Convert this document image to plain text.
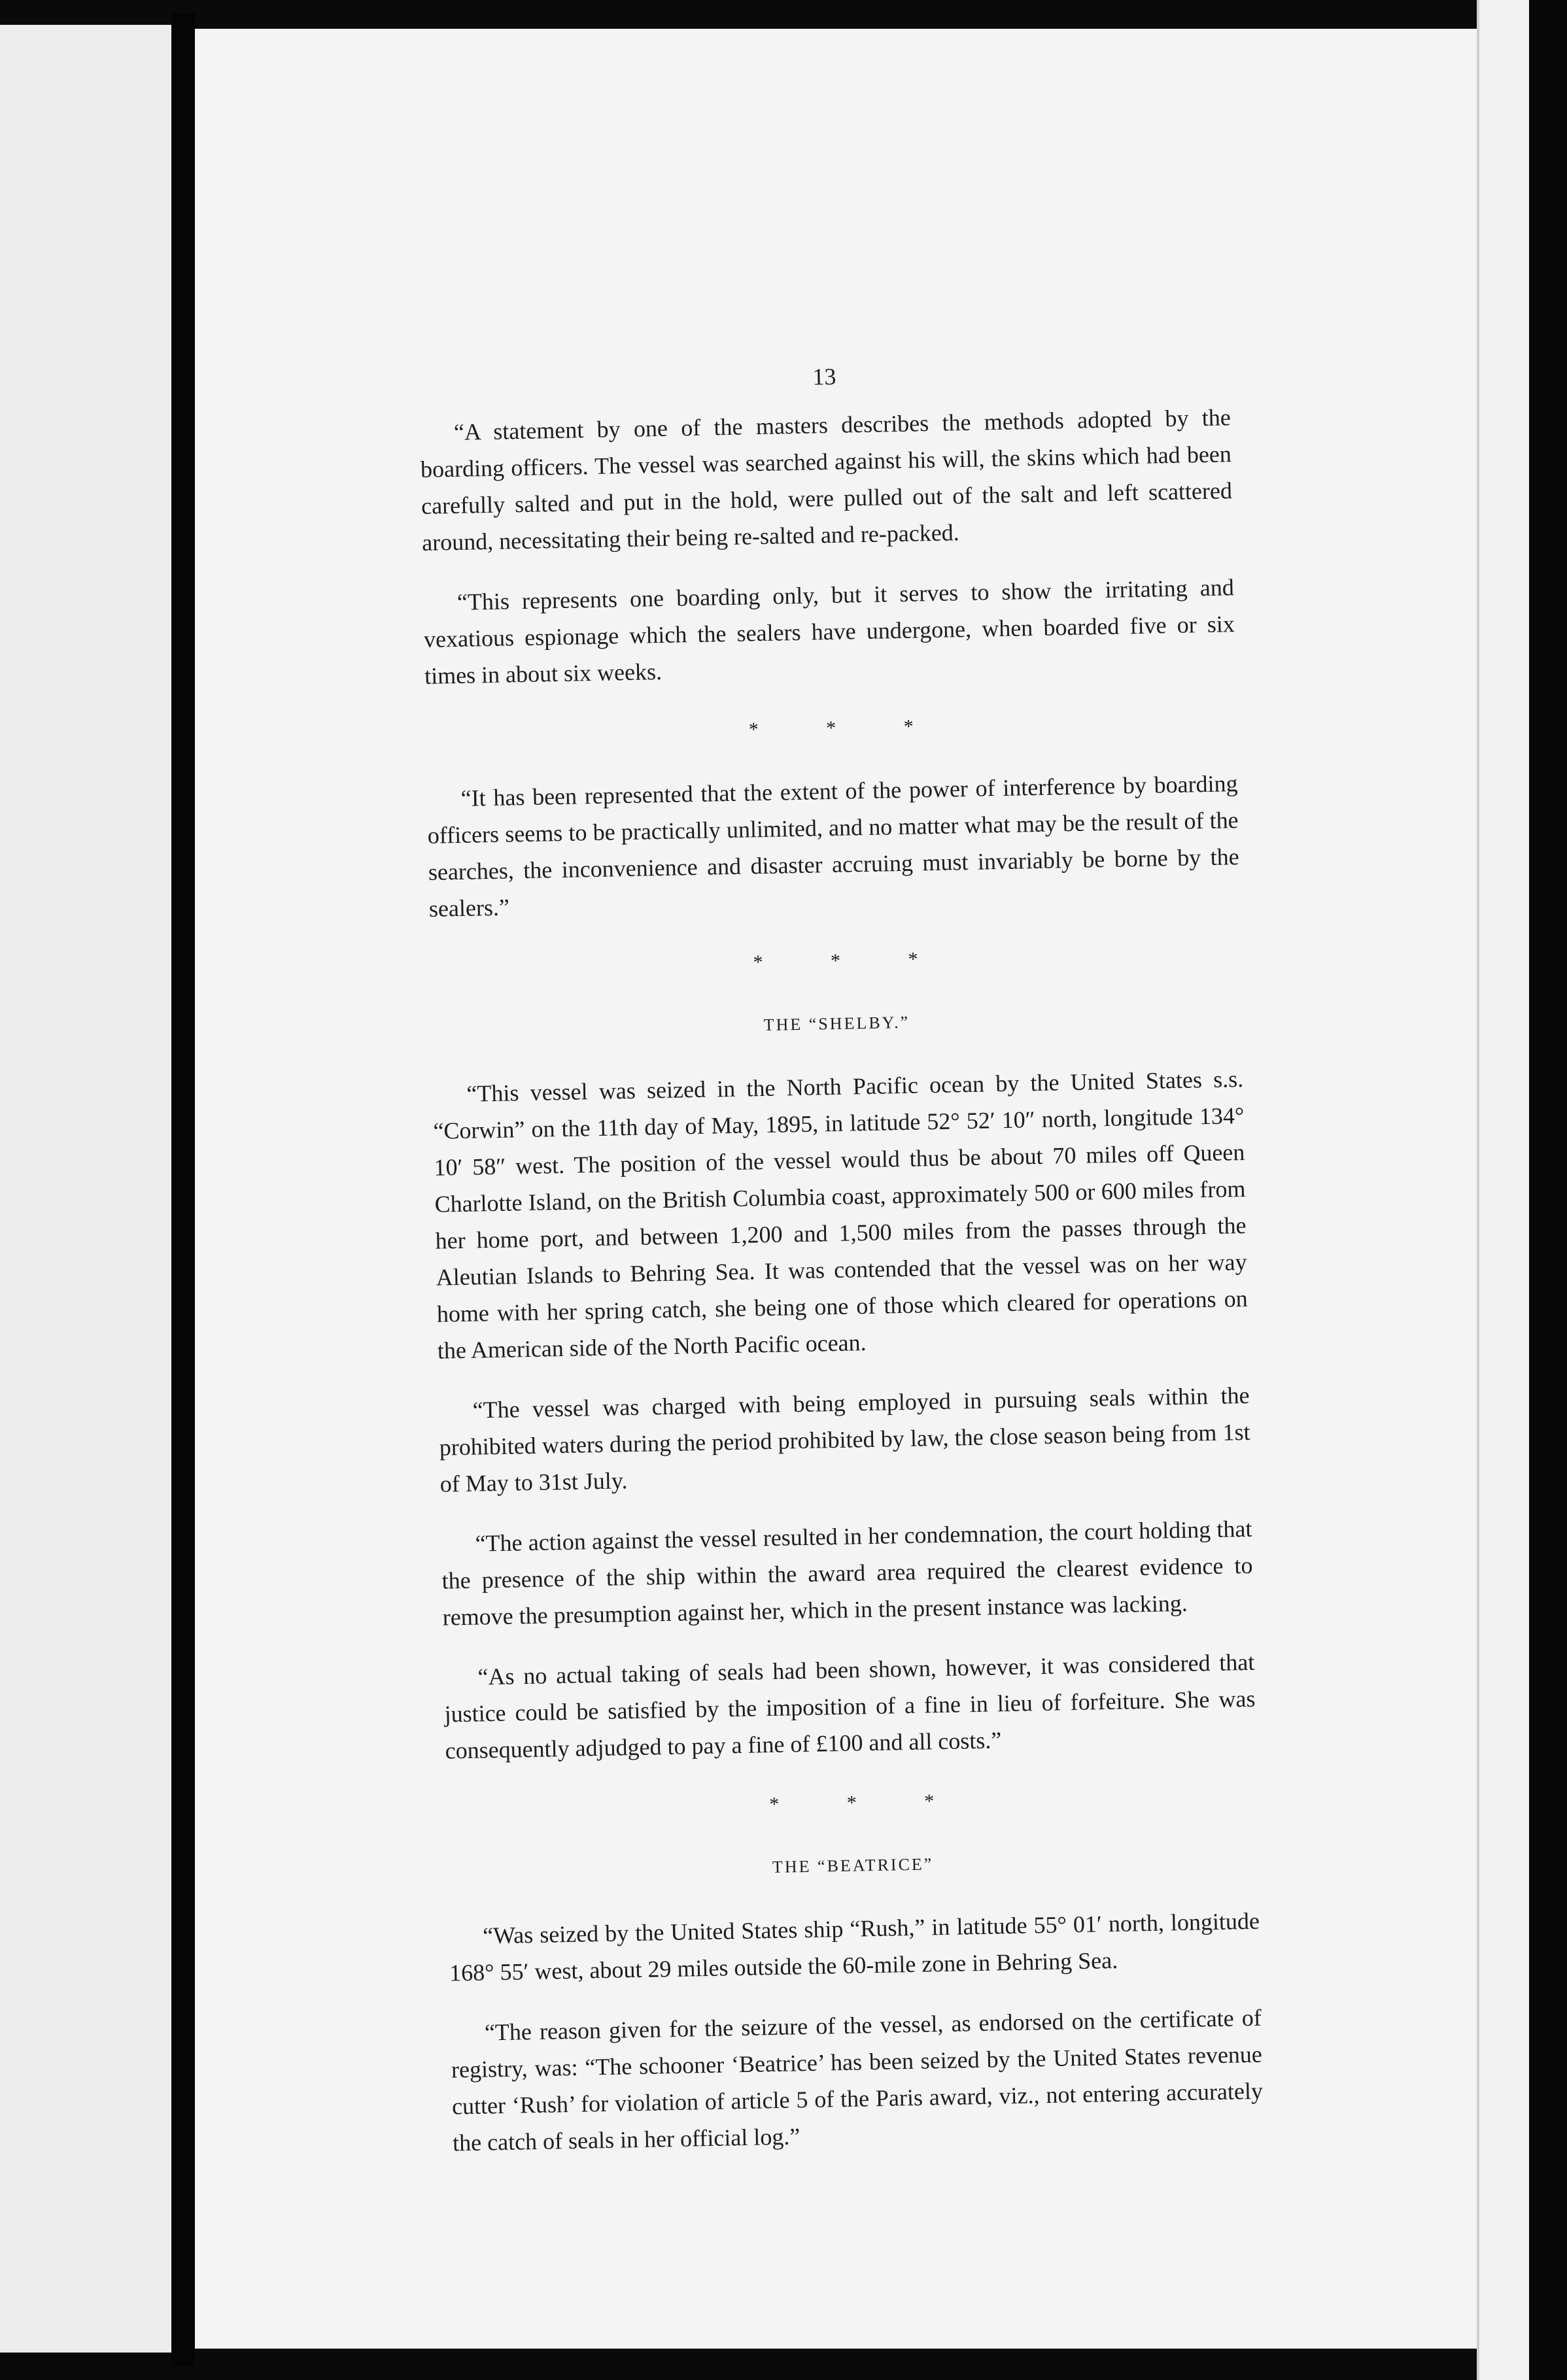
13

“A statement by one of the masters describes the methods adopted by the boarding officers. The vessel was searched against his will, the skins which had been carefully salted and put in the hold, were pulled out of the salt and left scattered around, necessitating their being re-salted and re-packed.

“This represents one boarding only, but it serves to show the irritating and vexatious espionage which the sealers have undergone, when boarded five or six times in about six weeks.

* * *

“It has been represented that the extent of the power of interference by boarding officers seems to be practically unlimited, and no matter what may be the result of the searches, the inconvenience and disaster accruing must invariably be borne by the sealers.”

* * *
THE “SHELBY.”

“This vessel was seized in the North Pacific ocean by the United States s.s. “Corwin” on the 11th day of May, 1895, in latitude 52° 52′ 10″ north, longitude 134° 10′ 58″ west. The position of the vessel would thus be about 70 miles off Queen Charlotte Island, on the British Columbia coast, approximately 500 or 600 miles from her home port, and between 1,200 and 1,500 miles from the passes through the Aleutian Islands to Behring Sea. It was contended that the vessel was on her way home with her spring catch, she being one of those which cleared for operations on the American side of the North Pacific ocean.

“The vessel was charged with being employed in pursuing seals within the prohibited waters during the period prohibited by law, the close season being from 1st of May to 31st July.

“The action against the vessel resulted in her condemnation, the court holding that the presence of the ship within the award area required the clearest evidence to remove the presumption against her, which in the present instance was lacking.

“As no actual taking of seals had been shown, however, it was considered that justice could be satisfied by the imposition of a fine in lieu of forfeiture. She was consequently adjudged to pay a fine of £100 and all costs.”

* * *
THE “BEATRICE”

“Was seized by the United States ship “Rush,” in latitude 55° 01′ north, longitude 168° 55′ west, about 29 miles outside the 60-mile zone in Behring Sea.

“The reason given for the seizure of the vessel, as endorsed on the certificate of registry, was: “The schooner ‘Beatrice’ has been seized by the United States revenue cutter ‘Rush’ for violation of article 5 of the Paris award, viz., not entering accurately the catch of seals in her official log.”
